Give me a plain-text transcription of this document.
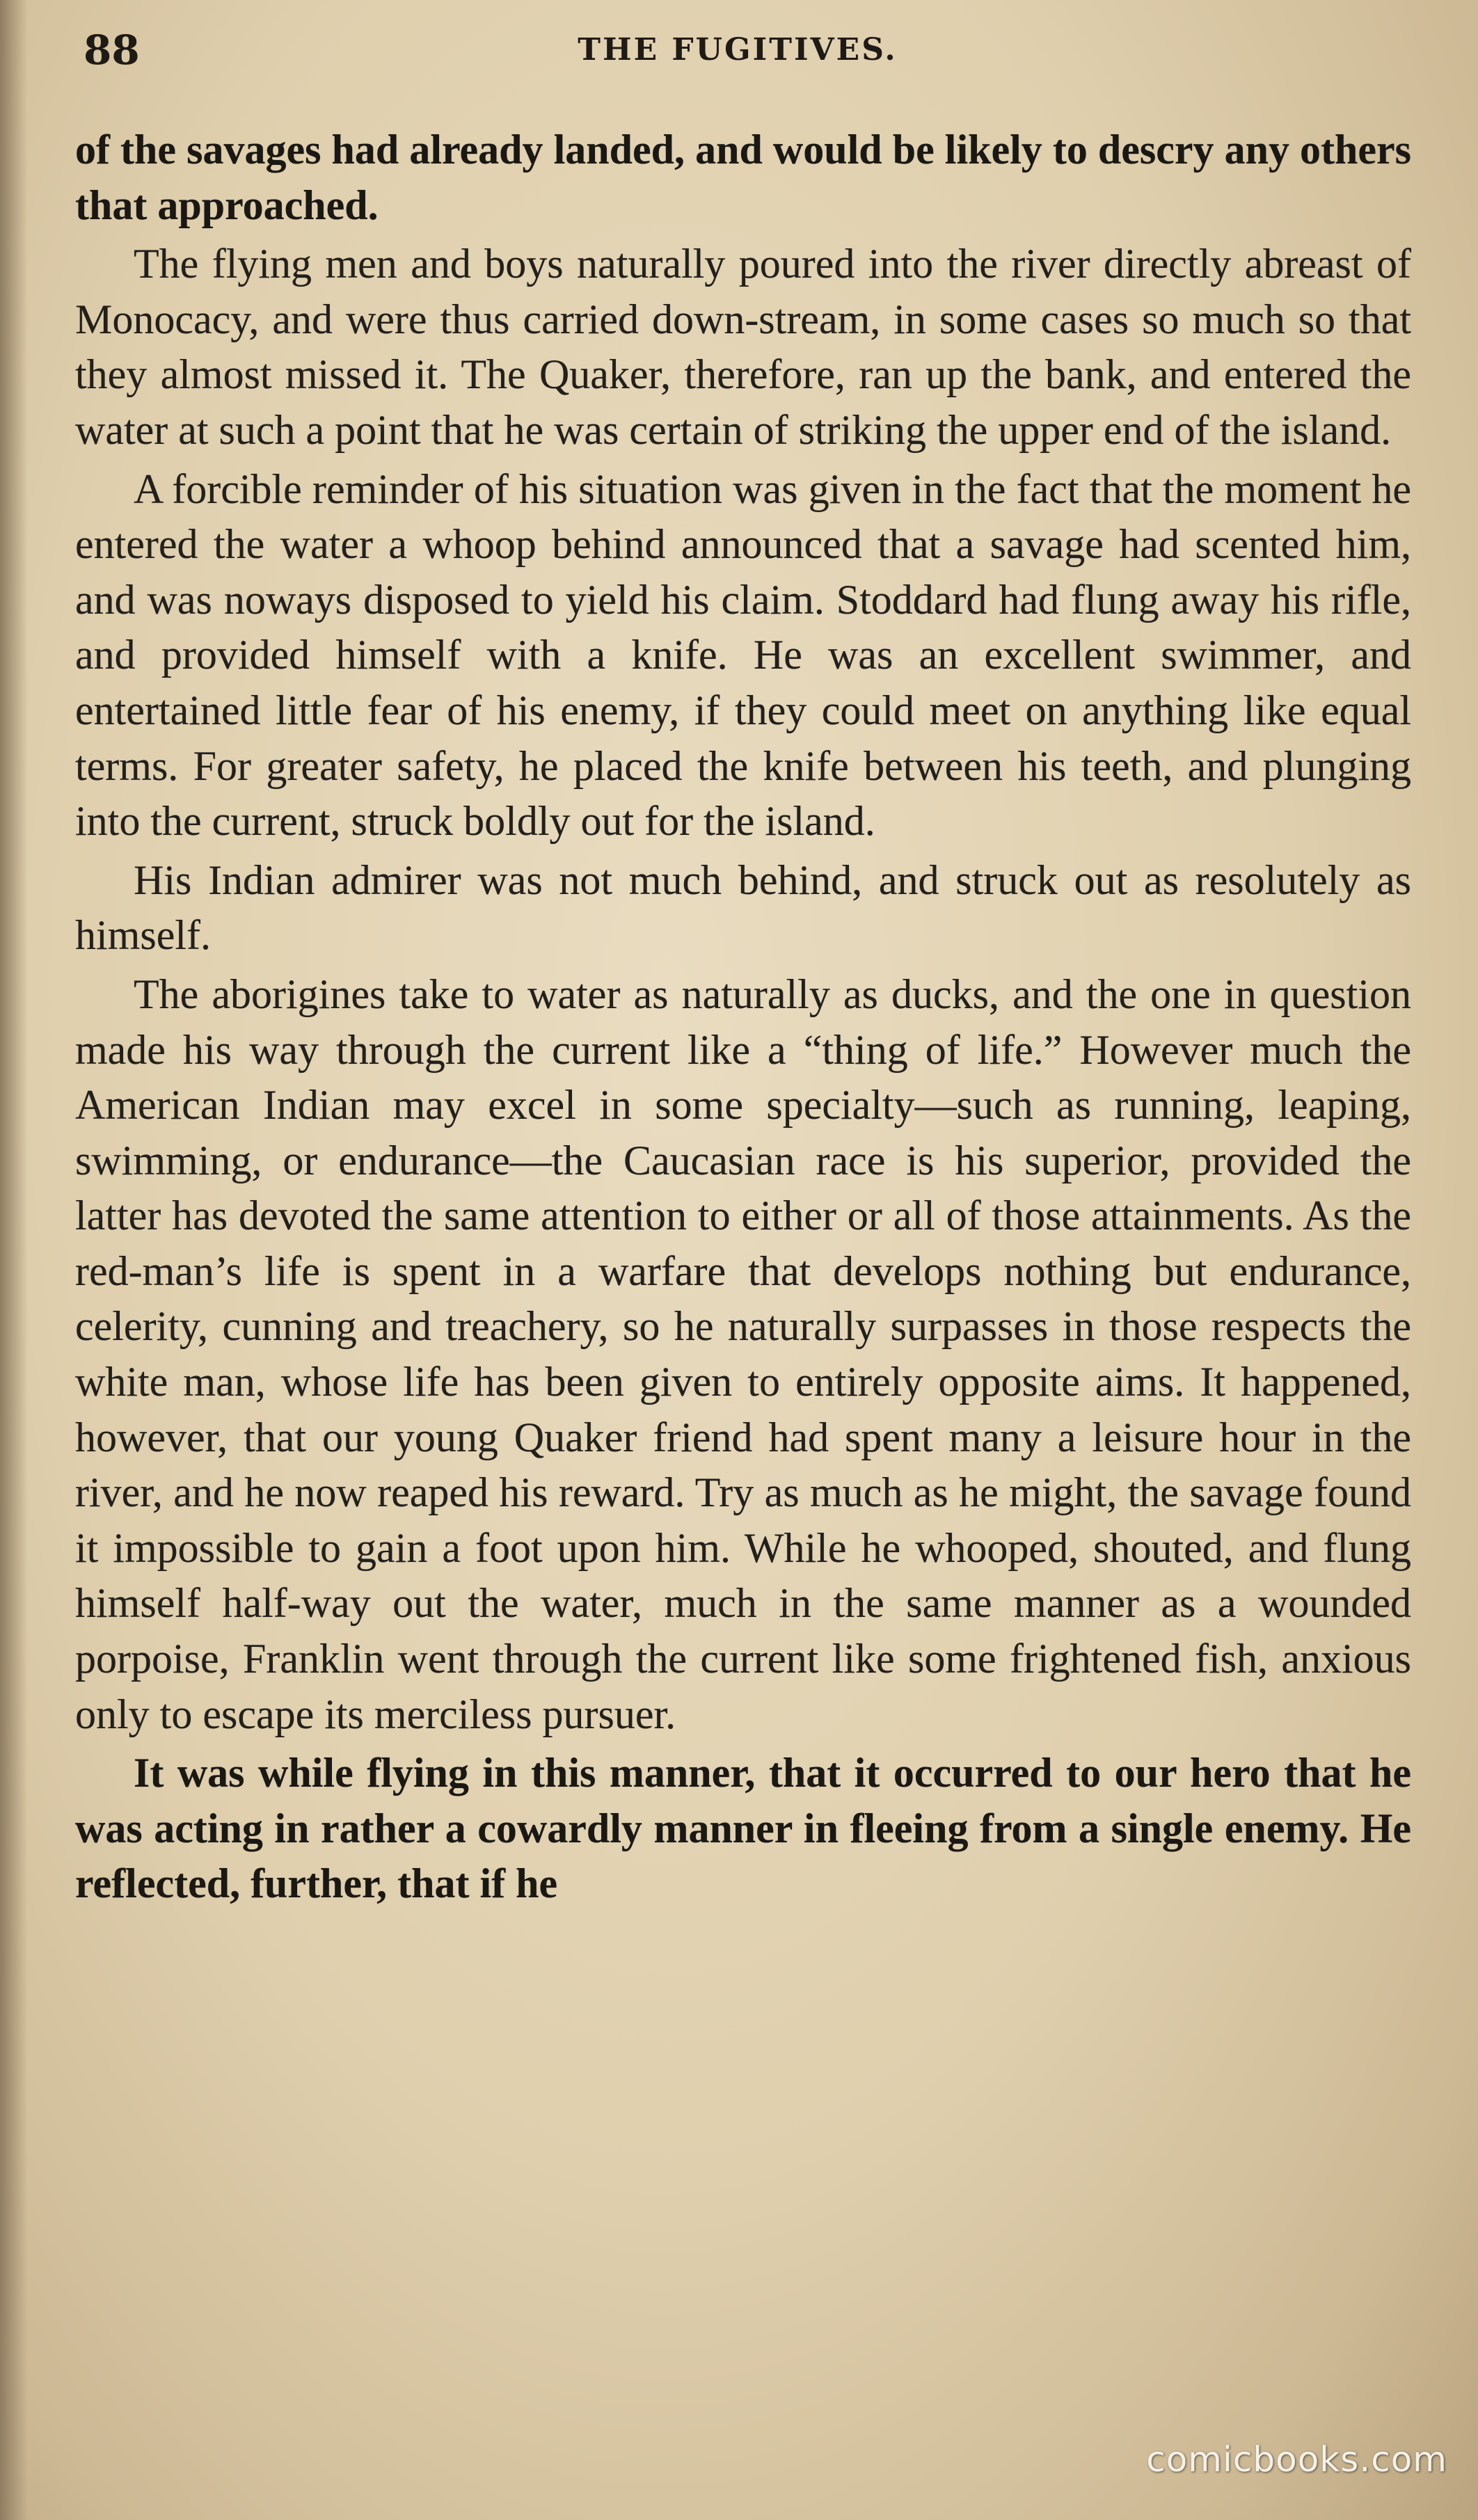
88	THE FUGITIVES.

of the savages had already landed, and would be likely to descry any others that approached.

The flying men and boys naturally poured into the river directly abreast of Monocacy, and were thus carried down-stream, in some cases so much so that they almost missed it. The Quaker, therefore, ran up the bank, and entered the water at such a point that he was certain of striking the upper end of the island.

A forcible reminder of his situation was given in the fact that the moment he entered the water a whoop behind announced that a savage had scented him, and was noways disposed to yield his claim. Stoddard had flung away his rifle, and provided himself with a knife. He was an excellent swimmer, and entertained little fear of his enemy, if they could meet on anything like equal terms. For greater safety, he placed the knife between his teeth, and plunging into the current, struck boldly out for the island.

His Indian admirer was not much behind, and struck out as resolutely as himself.

The aborigines take to water as naturally as ducks, and the one in question made his way through the current like a “thing of life.” However much the American Indian may excel in some specialty—such as running, leaping, swimming, or endurance—the Caucasian race is his superior, provided the latter has devoted the same attention to either or all of those attainments. As the red-man’s life is spent in a warfare that develops nothing but endurance, celerity, cunning and treachery, so he naturally surpasses in those respects the white man, whose life has been given to entirely opposite aims. It happened, however, that our young Quaker friend had spent many a leisure hour in the river, and he now reaped his reward. Try as much as he might, the savage found it impossible to gain a foot upon him. While he whooped, shouted, and flung himself half-way out the water, much in the same manner as a wounded porpoise, Franklin went through the current like some frightened fish, anxious only to escape its merciless pursuer.

It was while flying in this manner, that it occurred to our hero that he was acting in rather a cowardly manner in fleeing from a single enemy. He reflected, further, that if he

comicbooks.com
